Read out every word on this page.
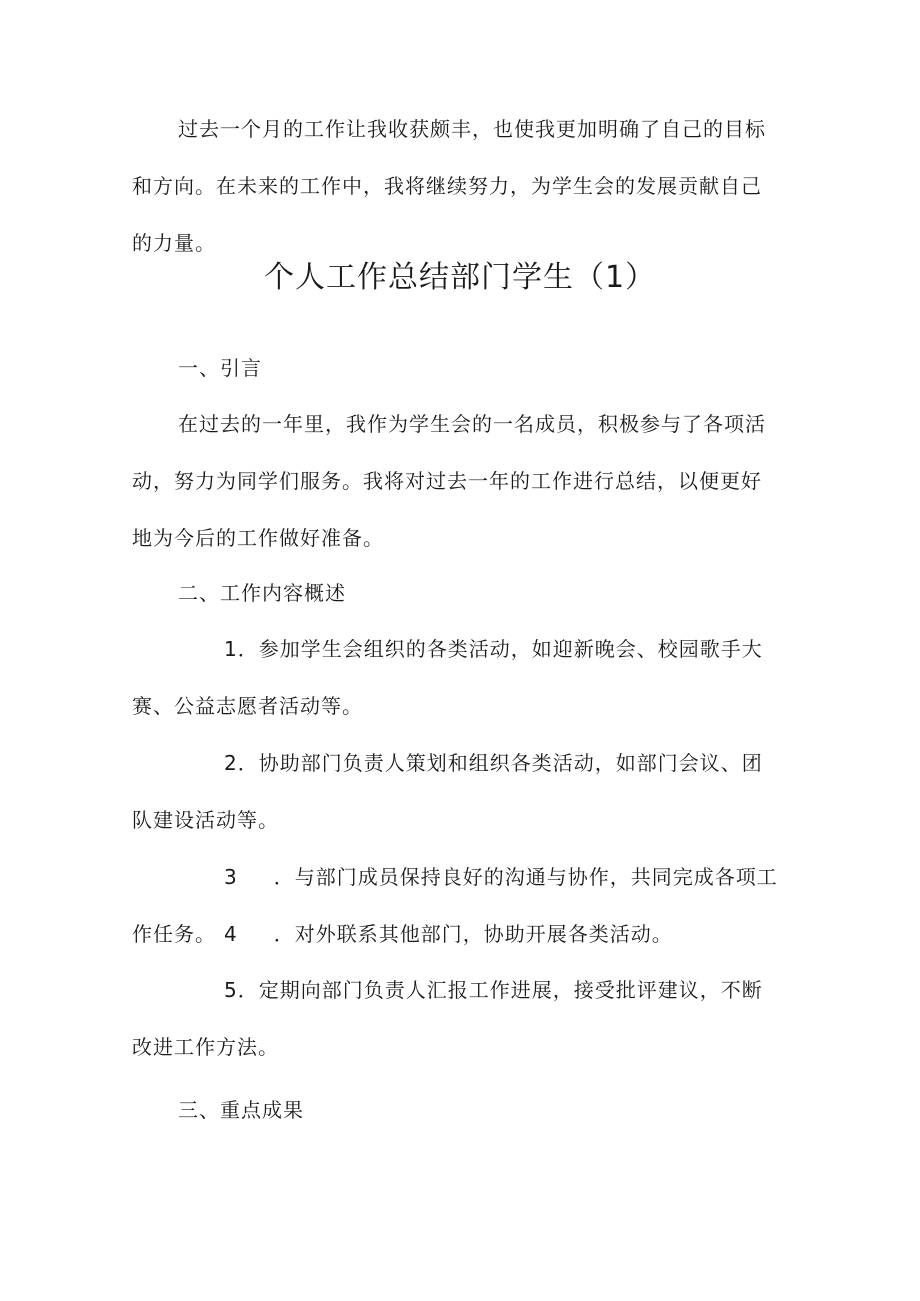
过去一个月的工作让我收获颇丰，也使我更加明确了自己的目标和方向。在未来的工作中，我将继续努力，为学生会的发展贡献自己的力量。

个人工作总结部门学生（1）
一、引言

在过去的一年里，我作为学生会的一名成员，积极参与了各项活动，努力为同学们服务。我将对过去一年的工作进行总结，以便更好地为今后的工作做好准备。

二、工作内容概述

1．参加学生会组织的各类活动，如迎新晚会、校园歌手大赛、公益志愿者活动等。

2．协助部门负责人策划和组织各类活动，如部门会议、团队建设活动等。

3 ．与部门成员保持良好的沟通与协作，共同完成各项工作任务。 4 ．对外联系其他部门，协助开展各类活动。

5．定期向部门负责人汇报工作进展，接受批评建议，不断改进工作方法。

三、重点成果
